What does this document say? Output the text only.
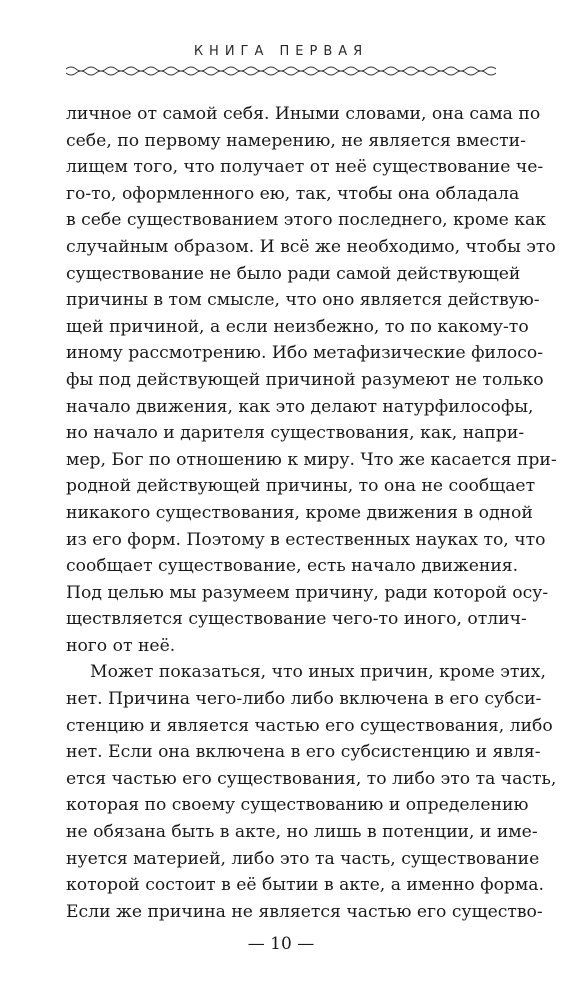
КНИГА ПЕРВАЯ
личное от самой себя. Иными словами, она сама по
себе, по первому намерению, не является вмести-
лищем того, что получает от неё существование че-
го-то, оформленного ею, так, чтобы она обладала
в себе существованием этого последнего, кроме как
случайным образом. И всё же необходимо, чтобы это
существование не было ради самой действующей
причины в том смысле, что оно является действую-
щей причиной, а если неизбежно, то по какому-то
иному рассмотрению. Ибо метафизические филосо-
фы под действующей причиной разумеют не только
начало движения, как это делают натурфилософы,
но начало и дарителя существования, как, напри-
мер, Бог по отношению к миру. Что же касается при-
родной действующей причины, то она не сообщает
никакого существования, кроме движения в одной
из его форм. Поэтому в естественных науках то, что
сообщает существование, есть начало движения.
Под целью мы разумеем причину, ради которой осу-
ществляется существование чего-то иного, отлич-
ного от неё.
Может показаться, что иных причин, кроме этих,
нет. Причина чего-либо либо включена в его субси-
стенцию и является частью его существования, либо
нет. Если она включена в его субсистенцию и явля-
ется частью его существования, то либо это та часть,
которая по своему существованию и определению
не обязана быть в акте, но лишь в потенции, и име-
нуется материей, либо это та часть, существование
которой состоит в её бытии в акте, а именно форма.
Если же причина не является частью его существо-
— 10 —
